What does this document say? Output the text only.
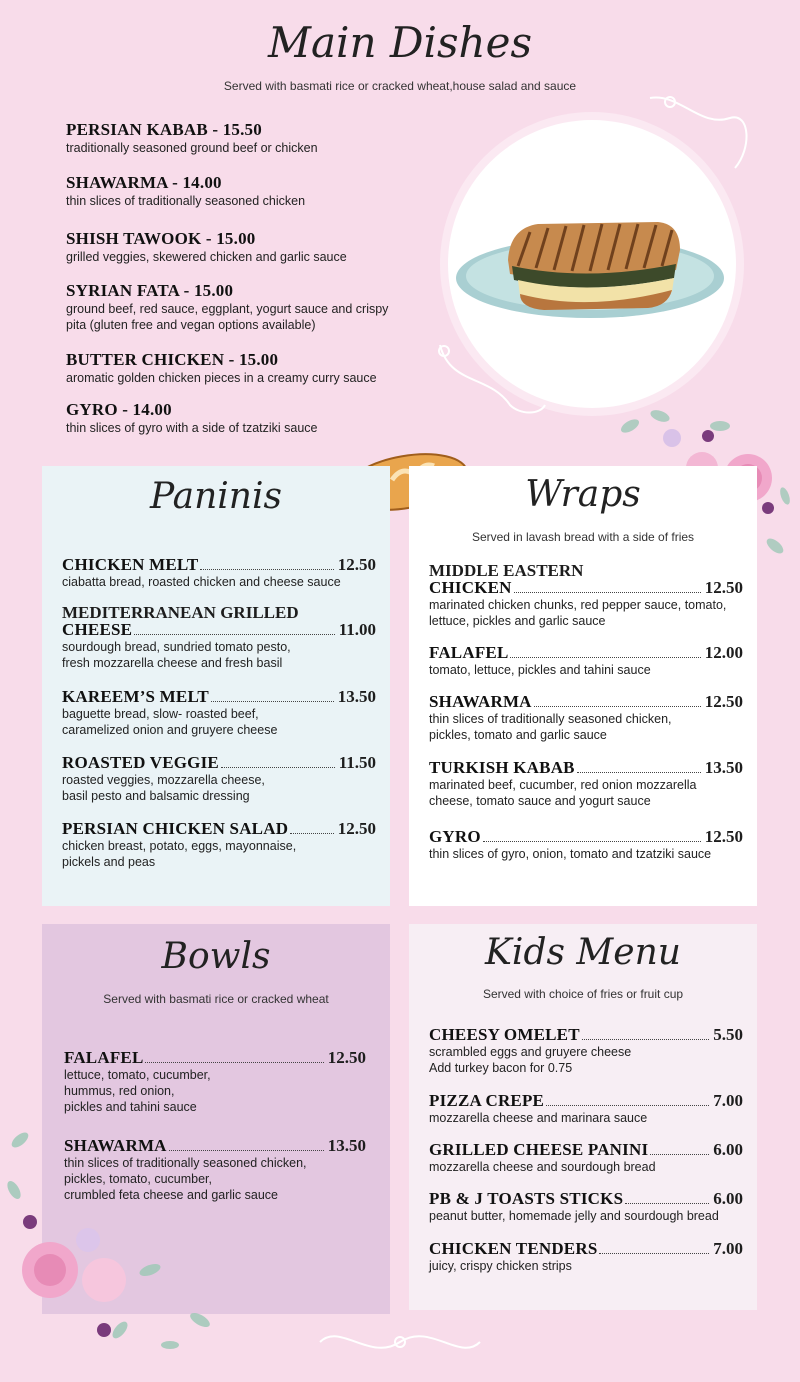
Main Dishes
Served with basmati rice or cracked wheat,house salad and sauce
PERSIAN KABAB - 15.50
traditionally seasoned ground beef or chicken
SHAWARMA - 14.00
thin slices of traditionally seasoned chicken
SHISH TAWOOK - 15.00
grilled veggies, skewered chicken and garlic sauce
SYRIAN FATA - 15.00
ground beef, red sauce, eggplant, yogurt sauce and crispy pita (gluten free and vegan options available)
BUTTER CHICKEN - 15.00
aromatic golden chicken pieces in a creamy curry sauce
GYRO - 14.00
thin slices of gyro with a side of tzatziki sauce
Paninis
CHICKEN MELT	12.50
ciabatta bread, roasted chicken and cheese sauce
MEDITERRANEAN GRILLED
CHEESE	11.00
sourdough bread, sundried tomato pesto,
fresh mozzarella cheese and fresh basil
KAREEM’S MELT	13.50
baguette bread, slow- roasted beef,
caramelized onion and gruyere cheese
ROASTED VEGGIE	11.50
roasted veggies, mozzarella cheese,
basil pesto and balsamic dressing
PERSIAN CHICKEN SALAD	12.50
chicken breast, potato, eggs, mayonnaise,
pickels and peas
Wraps
Served in lavash bread with a side of fries
MIDDLE EASTERN
CHICKEN	12.50
marinated chicken chunks, red pepper sauce, tomato,
lettuce, pickles and garlic sauce
FALAFEL	12.00
tomato, lettuce, pickles and tahini sauce
SHAWARMA	12.50
thin slices of traditionally seasoned chicken,
pickles, tomato and garlic sauce
TURKISH KABAB	13.50
marinated beef, cucumber, red onion mozzarella
cheese, tomato sauce and yogurt sauce
GYRO	12.50
thin slices of gyro, onion, tomato and tzatziki sauce
Bowls
Served with basmati rice or cracked wheat
FALAFEL	12.50
lettuce, tomato, cucumber,
hummus, red onion,
pickles and tahini sauce
SHAWARMA	13.50
thin slices of traditionally seasoned chicken,
pickles, tomato, cucumber,
crumbled feta cheese and garlic sauce
Kids Menu
Served with choice of fries or fruit cup
CHEESY OMELET	5.50
scrambled eggs and gruyere cheese
Add turkey bacon for 0.75
PIZZA CREPE	7.00
mozzarella cheese and marinara sauce
GRILLED CHEESE PANINI	6.00
mozzarella cheese and sourdough bread
PB & J TOASTS STICKS	6.00
peanut butter, homemade jelly and sourdough bread
CHICKEN TENDERS	7.00
juicy, crispy chicken strips
